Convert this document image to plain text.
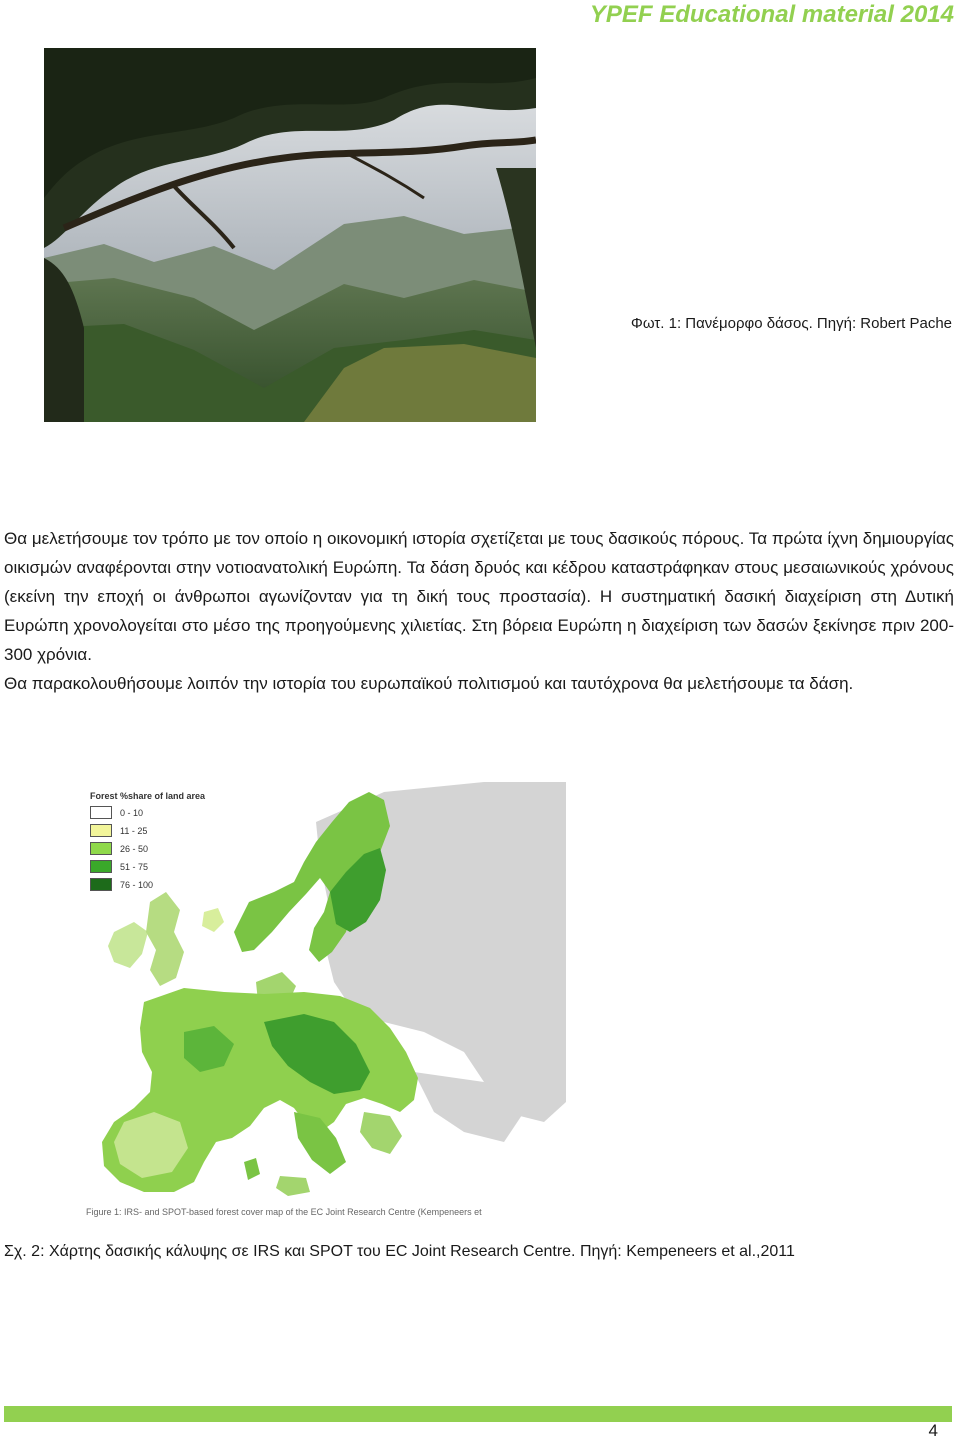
YPEF Educational material 2014
Φωτ. 1: Πανέμορφο δάσος. Πηγή: Robert Pache

Θα μελετήσουμε τον τρόπο με τον οποίο η οικονομική ιστορία σχετίζεται με τους δασικούς πόρους. Τα πρώτα ίχνη δημιουργίας οικισμών αναφέρονται στην νοτιοανατολική Ευρώπη. Τα δάση δρυός και κέδρου καταστράφηκαν στους μεσαιωνικούς χρόνους (εκείνη την εποχή οι άνθρωποι αγωνίζονταν για τη δική τους προστασία). Η συστηματική δασική διαχείριση στη Δυτική Ευρώπη χρονολογείται στο μέσο της προηγούμενης χιλιετίας. Στη βόρεια Ευρώπη η διαχείριση των δασών ξεκίνησε πριν 200-300 χρόνια.

Θα παρακολουθήσουμε λοιπόν την ιστορία του ευρωπαϊκού πολιτισμού και ταυτόχρονα θα μελετήσουμε τα δάση.

Forest %share of land area
0 - 10
11 - 25
26 - 50
51 - 75
76 - 100
Figure 1: IRS- and SPOT-based forest cover map of the EC Joint Research Centre (Kempeneers et
Σχ. 2: Χάρτης δασικής κάλυψης σε IRS και SPOT του EC Joint Research Centre. Πηγή: Kempeneers et al.,2011
4
